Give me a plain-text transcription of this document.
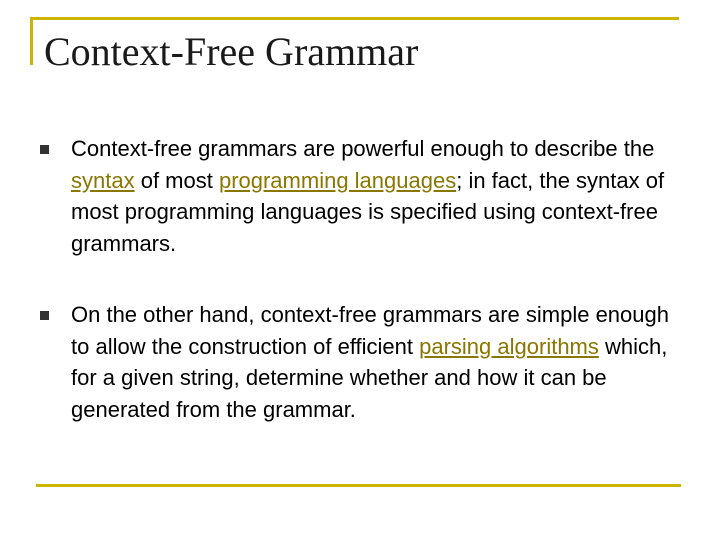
Context-Free Grammar
Context-free grammars are powerful enough to describe the syntax of most programming languages; in fact, the syntax of most programming languages is specified using context-free grammars.
On the other hand, context-free grammars are simple enough to allow the construction of efficient parsing algorithms which, for a given string, determine whether and how it can be generated from the grammar.
